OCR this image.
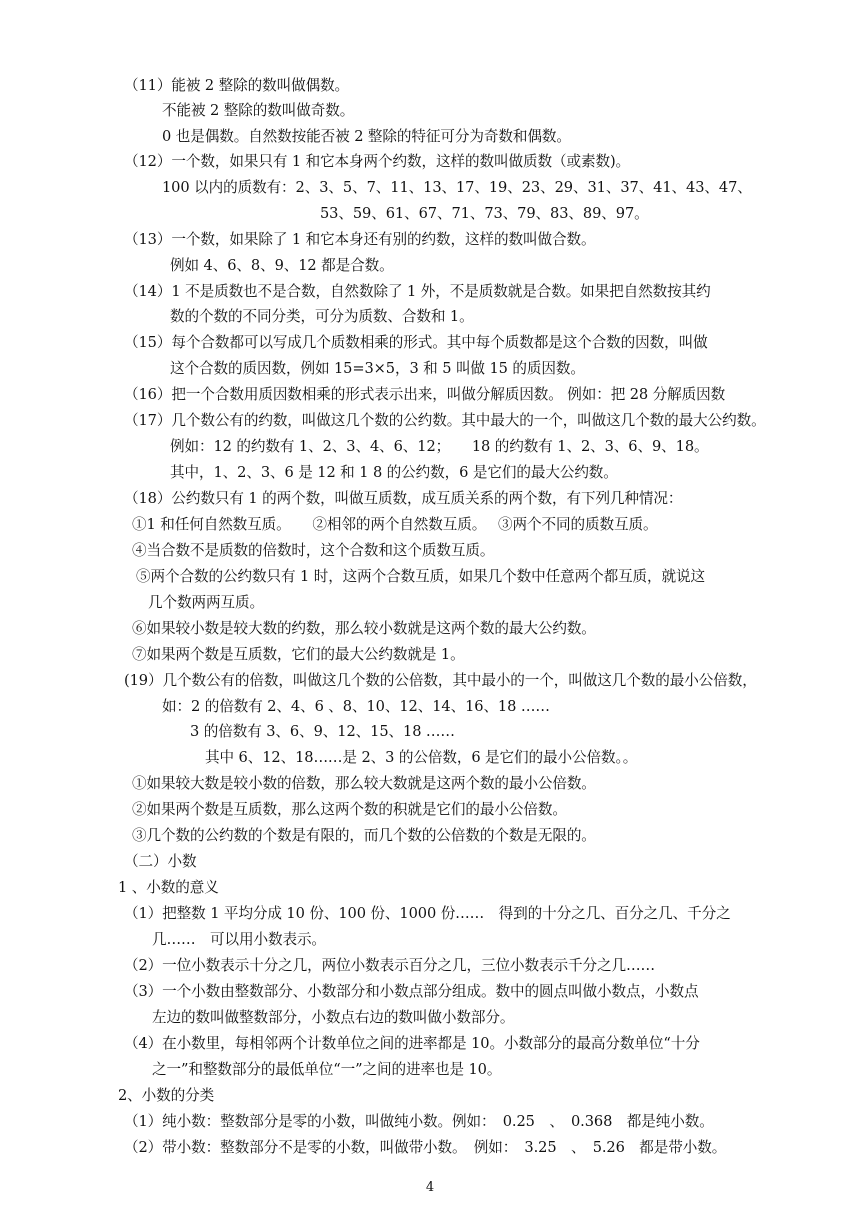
（11）能被 2 整除的数叫做偶数。
不能被 2 整除的数叫做奇数。
0 也是偶数。自然数按能否被 2 整除的特征可分为奇数和偶数。
（12）一个数，如果只有 1 和它本身两个约数，这样的数叫做质数（或素数)。
100 以内的质数有：2、3、5、7、11、13、17、19、23、29、31、37、41、43、47、
53、59、61、67、71、73、79、83、89、97。
（13）一个数，如果除了 1 和它本身还有别的约数，这样的数叫做合数。
例如 4、6、8、9、12 都是合数。
（14）1 不是质数也不是合数，自然数除了 1 外，不是质数就是合数。如果把自然数按其约
数的个数的不同分类，可分为质数、合数和 1。
（15）每个合数都可以写成几个质数相乘的形式。其中每个质数都是这个合数的因数，叫做
这个合数的质因数，例如 15=3×5，3 和 5 叫做 15 的质因数。
（16）把一个合数用质因数相乘的形式表示出来，叫做分解质因数。 例如：把 28 分解质因数
（17）几个数公有的约数，叫做这几个数的公约数。其中最大的一个，叫做这几个数的最大公约数。
例如：12 的约数有 1、2、3、4、6、12；　　18 的约数有 1、2、3、6、9、18。
其中，1、2、3、6 是 12 和 1 8 的公约数，6 是它们的最大公约数。
（18）公约数只有 1 的两个数，叫做互质数，成互质关系的两个数，有下列几种情况：
①1 和任何自然数互质。　　②相邻的两个自然数互质。　 ③两个不同的质数互质。
④当合数不是质数的倍数时，这个合数和这个质数互质。
⑤两个合数的公约数只有 1 时，这两个合数互质，如果几个数中任意两个都互质，就说这
几个数两两互质。
⑥如果较小数是较大数的约数，那么较小数就是这两个数的最大公约数。
⑦如果两个数是互质数，它们的最大公约数就是 1。
(19）几个数公有的倍数，叫做这几个数的公倍数，其中最小的一个，叫做这几个数的最小公倍数，
如：2 的倍数有 2、4、6 、8、10、12、14、16、18 ……
3 的倍数有 3、6、9、12、15、18 ……
其中 6、12、18……是 2、3 的公倍数，6 是它们的最小公倍数。。
①如果较大数是较小数的倍数，那么较大数就是这两个数的最小公倍数。
②如果两个数是互质数，那么这两个数的积就是它们的最小公倍数。
③几个数的公约数的个数是有限的，而几个数的公倍数的个数是无限的。
（二）小数
1 、小数的意义
（1）把整数 1 平均分成 10 份、100 份、1000 份……　得到的十分之几、百分之几、千分之
几……　可以用小数表示。
（2）一位小数表示十分之几，两位小数表示百分之几，三位小数表示千分之几……
（3）一个小数由整数部分、小数部分和小数点部分组成。数中的圆点叫做小数点，小数点
左边的数叫做整数部分，小数点右边的数叫做小数部分。
（4）在小数里，每相邻两个计数单位之间的进率都是 10。小数部分的最高分数单位“十分
之一”和整数部分的最低单位“一”之间的进率也是 10。
2、小数的分类
（1）纯小数：整数部分是零的小数，叫做纯小数。例如：　0.25　、　0.368　都是纯小数。
（2）带小数：整数部分不是零的小数，叫做带小数。　例如：　3.25　、　5.26　都是带小数。
4
